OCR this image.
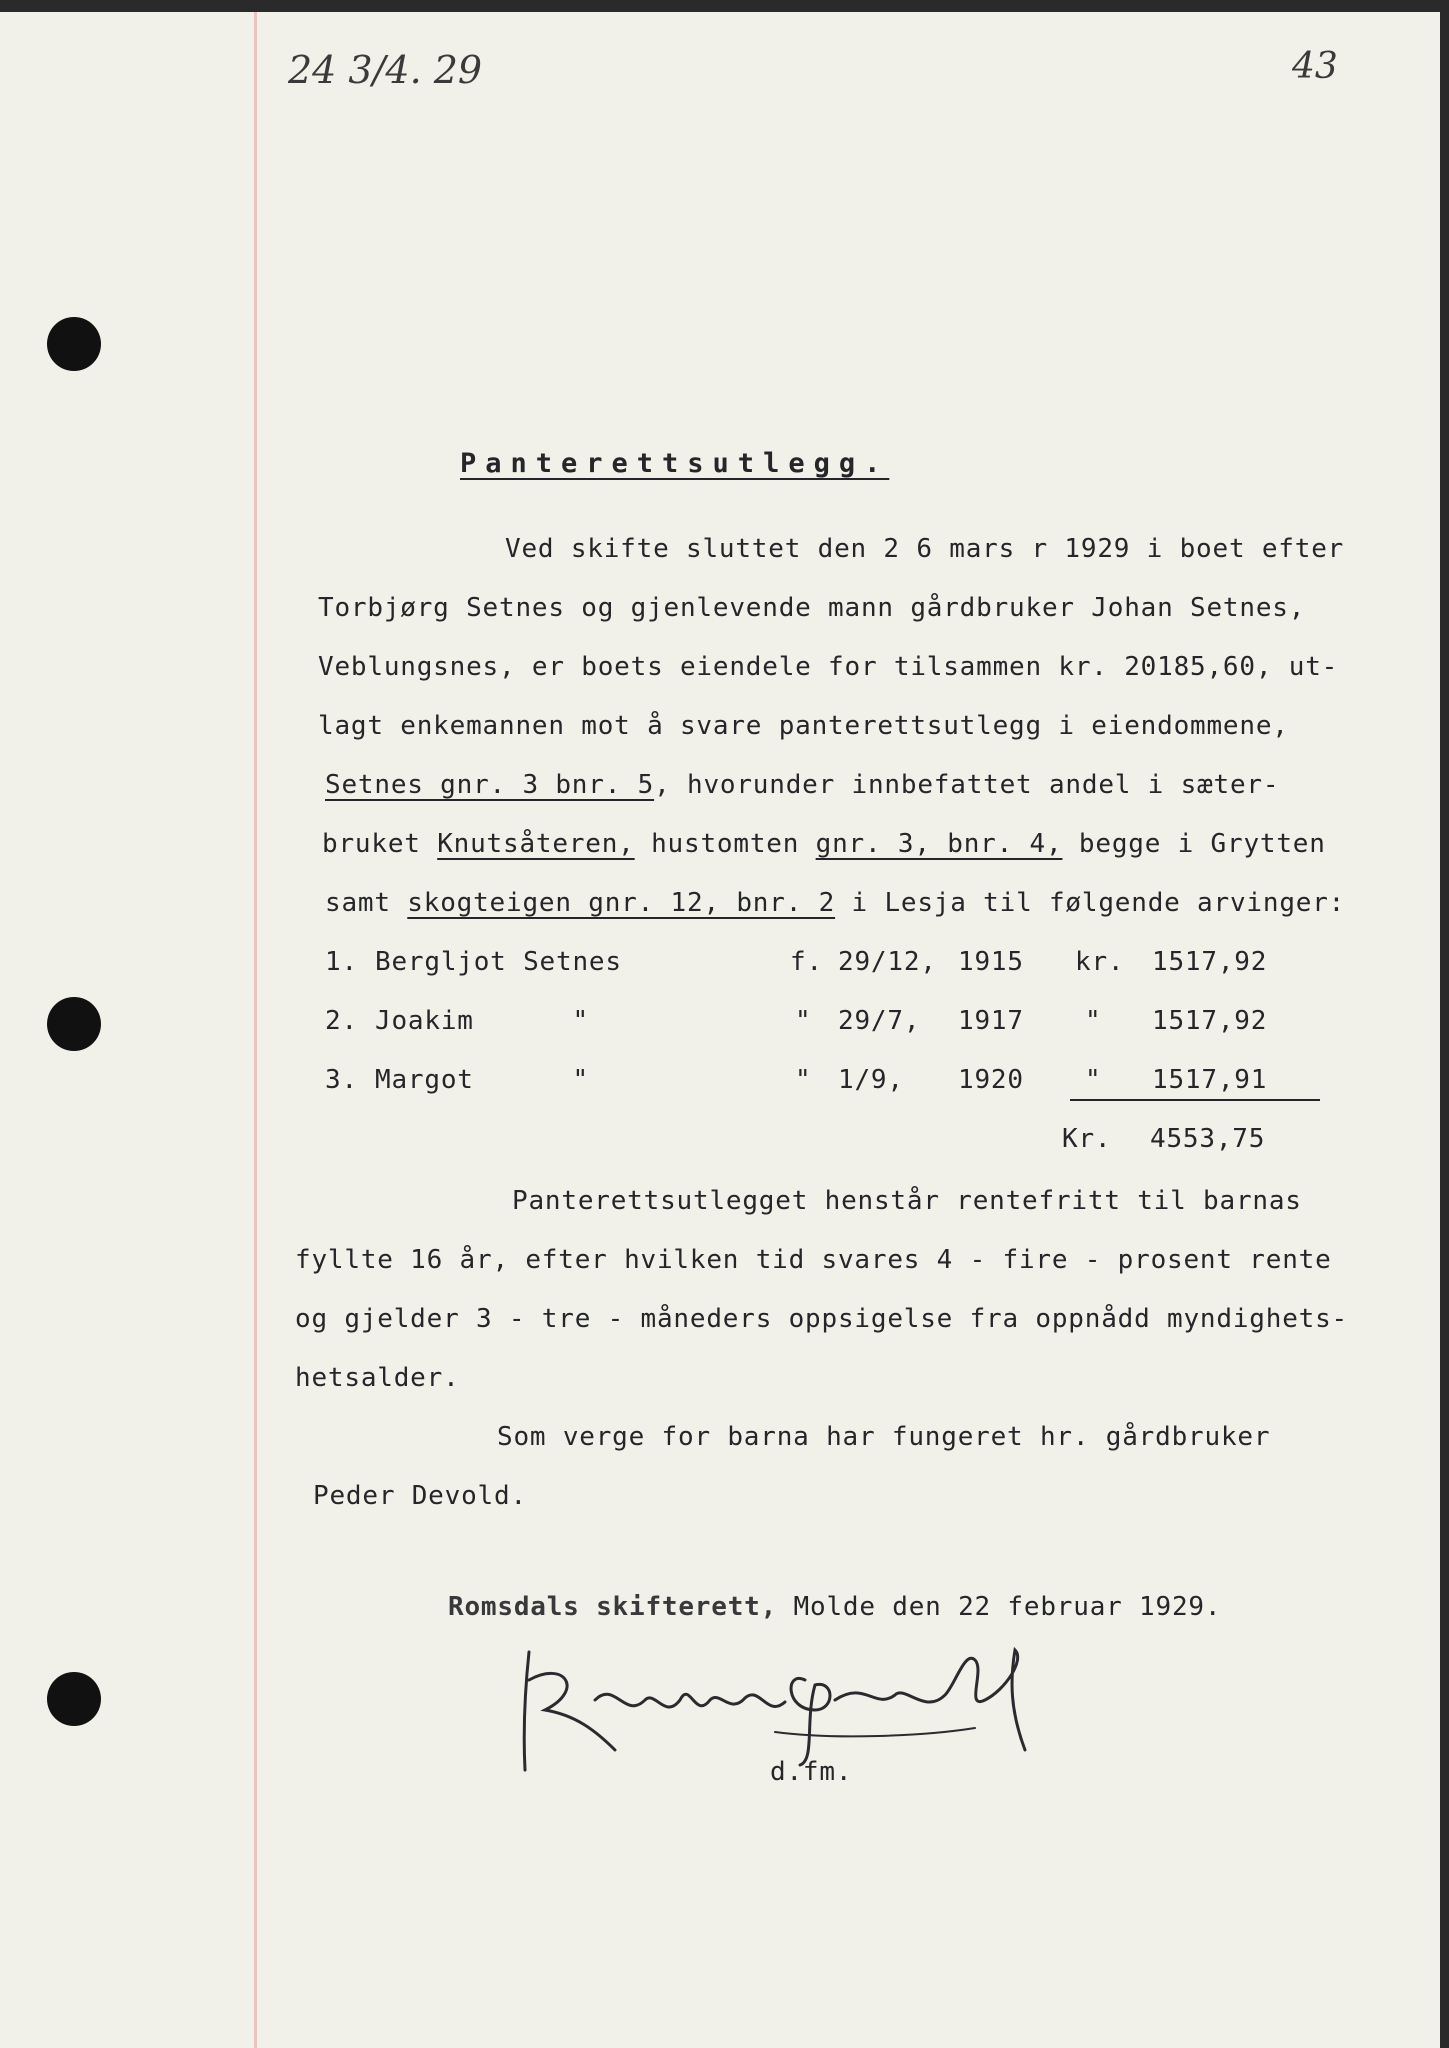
24 3/4. 29	43
Panterettsutlegg.
Ved skifte sluttet den 2 6 mars r 1929 i boet efter
Torbjørg Setnes og gjenlevende mann gårdbruker Johan Setnes,
Veblungsnes, er boets eiendele for tilsammen kr. 20185,60, ut-
lagt enkemannen mot å svare panterettsutlegg i eiendommene,
Setnes gnr. 3 bnr. 5, hvorunder innbefattet andel i sæter-
bruket Knutsåteren, hustomten gnr. 3, bnr. 4, begge i Grytten
samt skogteigen gnr. 12, bnr. 2 i Lesja til følgende arvinger:
1. Bergljot Setnes	f. 29/12, 1915 kr. 1517,92
2. Joakim      "	" 29/7, 1917 " 1517,92
3. Margot      "	" 1/9, 1920 " 1517,91
Kr. 4553,75
Panterettsutlegget henstår rentefritt til barnas
fyllte 16 år, efter hvilken tid svares 4 - fire - prosent rente
og gjelder 3 - tre - måneders oppsigelse fra oppnådd myndighets-
hetsalder.
Som verge for barna har fungeret hr. gårdbruker
Peder Devold.
Romsdals skifterett, Molde den 22 februar 1929.
d.fm.
